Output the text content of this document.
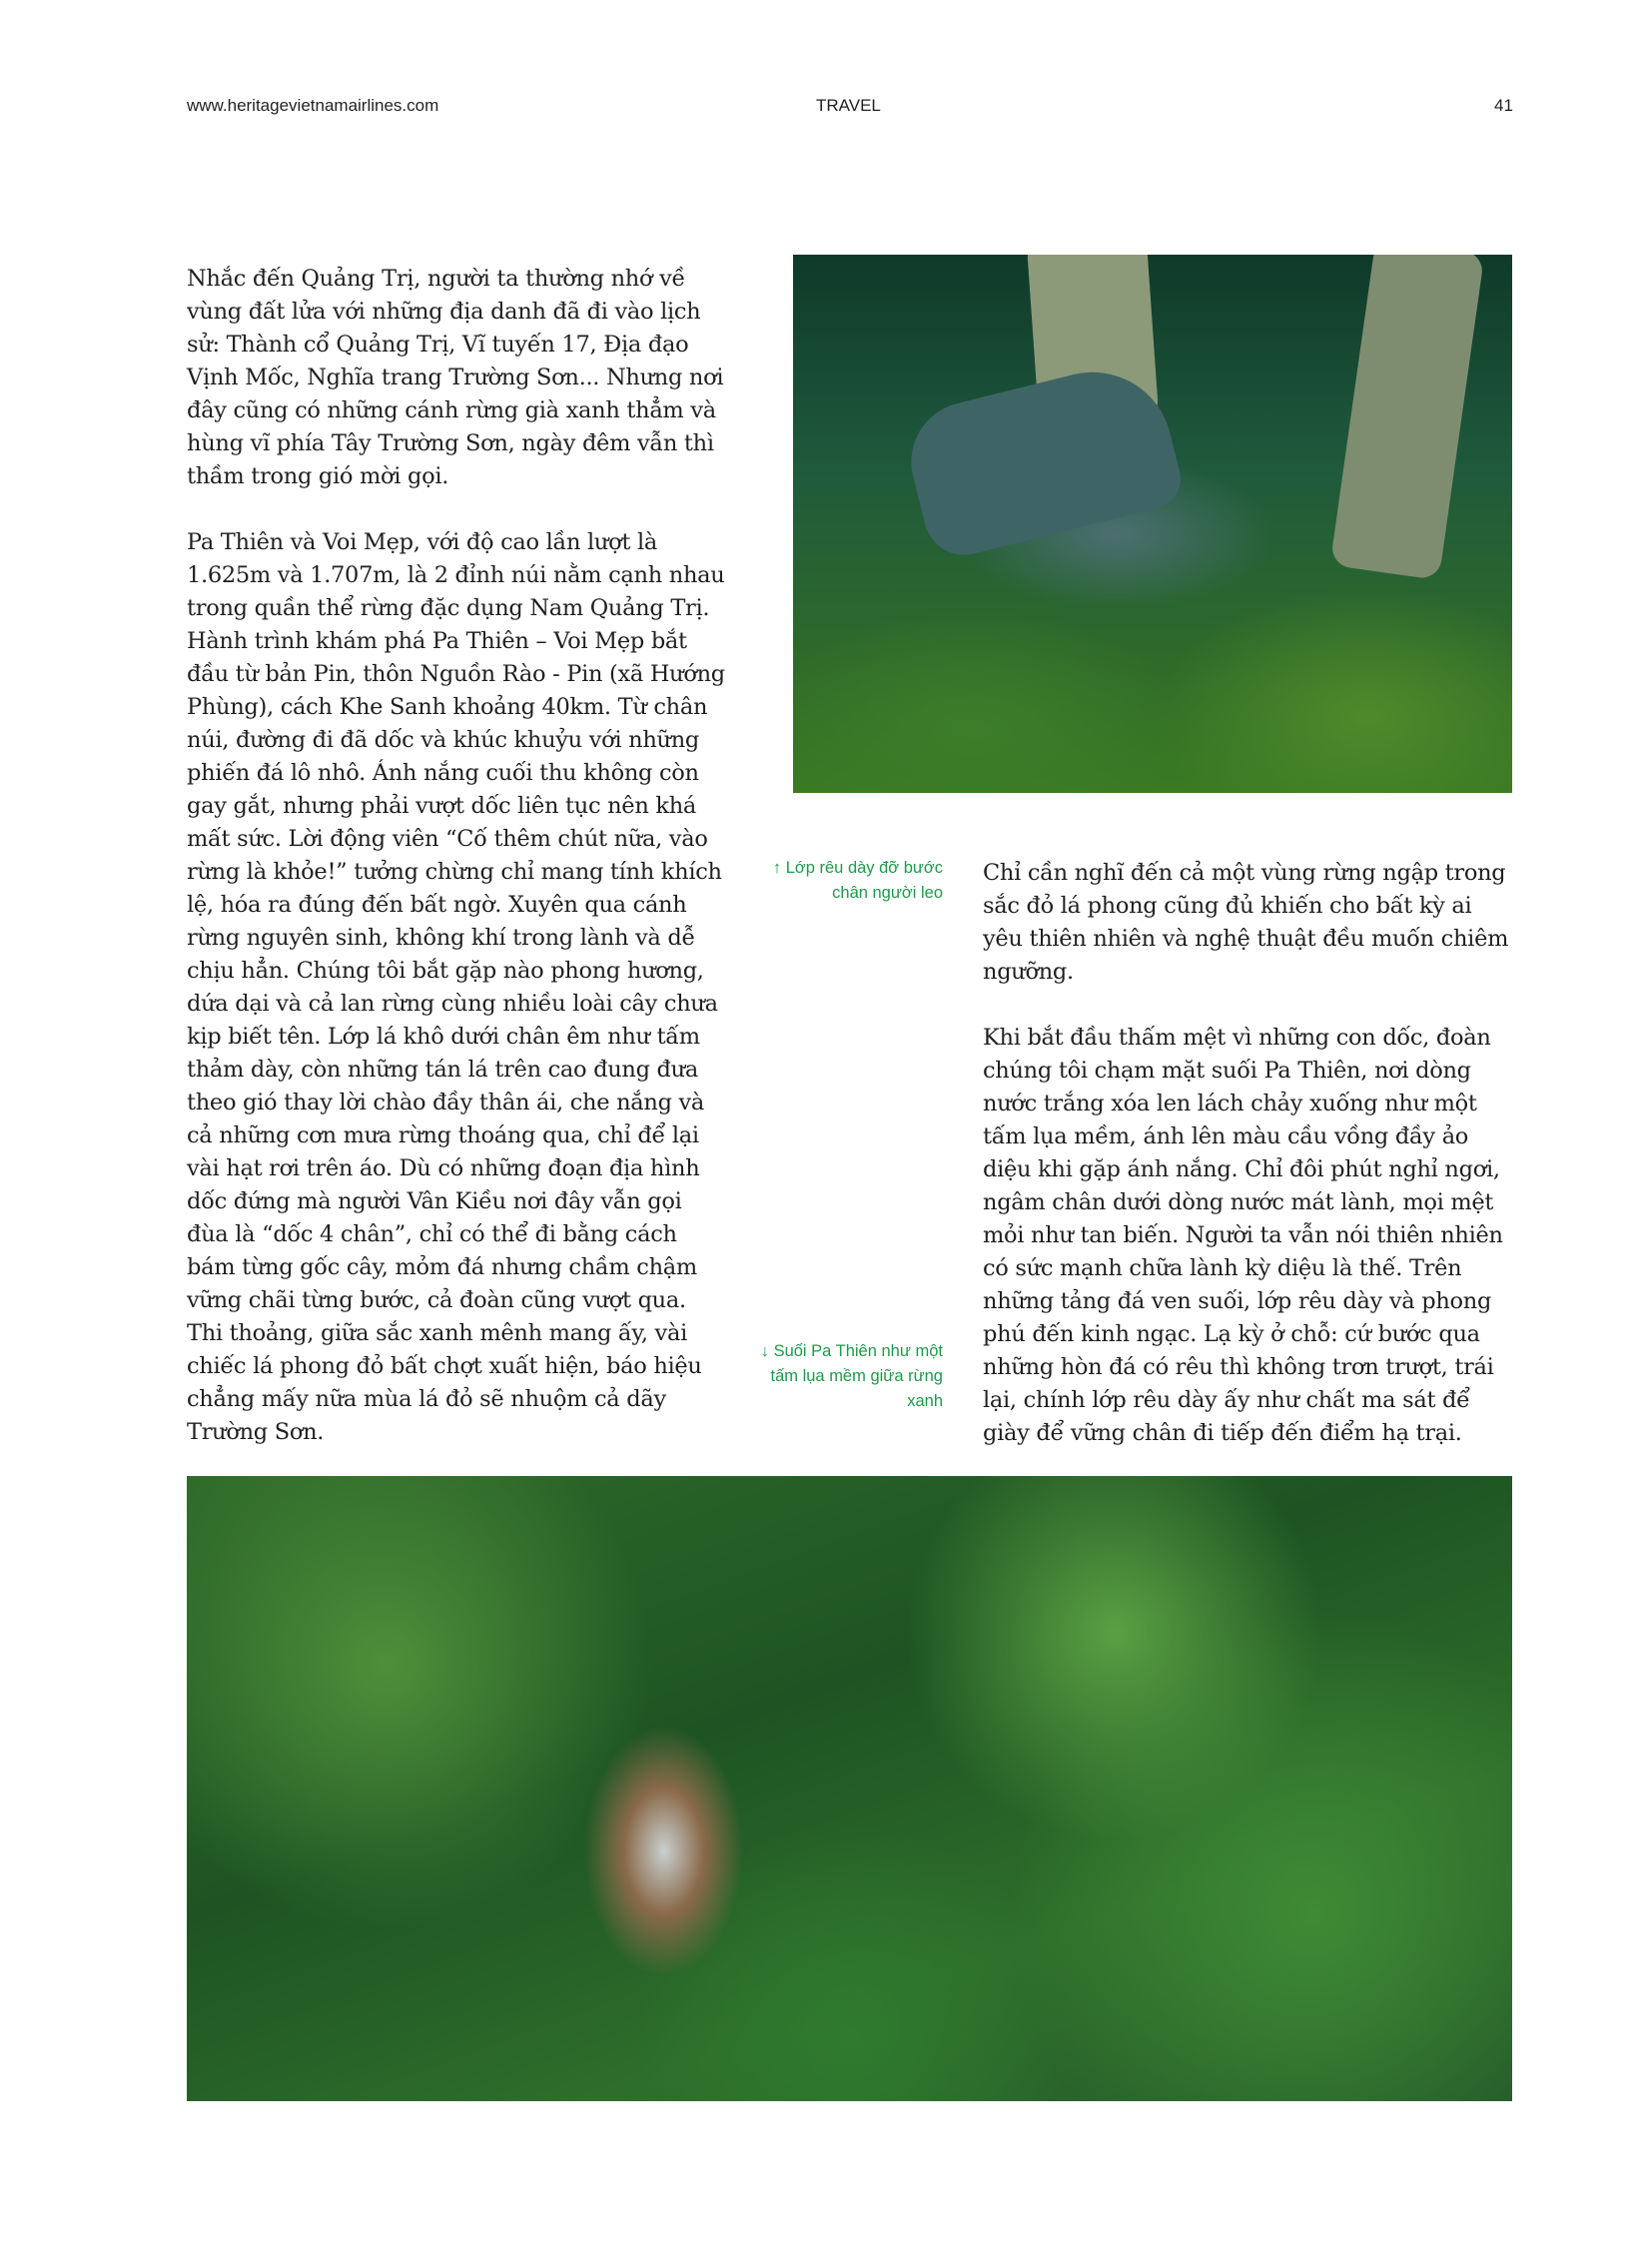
www.heritagevietnamairlines.com	TRAVEL	41

Nhắc đến Quảng Trị, người ta thường nhớ về vùng đất lửa với những địa danh đã đi vào lịch sử: Thành cổ Quảng Trị, Vĩ tuyến 17, Địa đạo Vịnh Mốc, Nghĩa trang Trường Sơn... Nhưng nơi đây cũng có những cánh rừng già xanh thẳm và hùng vĩ phía Tây Trường Sơn, ngày đêm vẫn thì thầm trong gió mời gọi.

Pa Thiên và Voi Mẹp, với độ cao lần lượt là 1.625m và 1.707m, là 2 đỉnh núi nằm cạnh nhau trong quần thể rừng đặc dụng Nam Quảng Trị. Hành trình khám phá Pa Thiên – Voi Mẹp bắt đầu từ bản Pin, thôn Nguồn Rào - Pin (xã Hướng Phùng), cách Khe Sanh khoảng 40km. Từ chân núi, đường đi đã dốc và khúc khuỷu với những phiến đá lô nhô. Ánh nắng cuối thu không còn gay gắt, nhưng phải vượt dốc liên tục nên khá mất sức. Lời động viên “Cố thêm chút nữa, vào rừng là khỏe!” tưởng chừng chỉ mang tính khích lệ, hóa ra đúng đến bất ngờ. Xuyên qua cánh rừng nguyên sinh, không khí trong lành và dễ chịu hẳn. Chúng tôi bắt gặp nào phong hương, dứa dại và cả lan rừng cùng nhiều loài cây chưa kịp biết tên. Lớp lá khô dưới chân êm như tấm thảm dày, còn những tán lá trên cao đung đưa theo gió thay lời chào đầy thân ái, che nắng và cả những cơn mưa rừng thoáng qua, chỉ để lại vài hạt rơi trên áo. Dù có những đoạn địa hình dốc đứng mà người Vân Kiều nơi đây vẫn gọi đùa là “dốc 4 chân”, chỉ có thể đi bằng cách bám từng gốc cây, mỏm đá nhưng chầm chậm vững chãi từng bước, cả đoàn cũng vượt qua. Thi thoảng, giữa sắc xanh mênh mang ấy, vài chiếc lá phong đỏ bất chợt xuất hiện, báo hiệu chẳng mấy nữa mùa lá đỏ sẽ nhuộm cả dãy Trường Sơn.

↑ Lớp rêu dày đỡ bước chân người leo
↓ Suối Pa Thiên như một tấm lụa mềm giữa rừng xanh

Chỉ cần nghĩ đến cả một vùng rừng ngập trong sắc đỏ lá phong cũng đủ khiến cho bất kỳ ai yêu thiên nhiên và nghệ thuật đều muốn chiêm ngưỡng.

Khi bắt đầu thấm mệt vì những con dốc, đoàn chúng tôi chạm mặt suối Pa Thiên, nơi dòng nước trắng xóa len lách chảy xuống như một tấm lụa mềm, ánh lên màu cầu vồng đầy ảo diệu khi gặp ánh nắng. Chỉ đôi phút nghỉ ngơi, ngâm chân dưới dòng nước mát lành, mọi mệt mỏi như tan biến. Người ta vẫn nói thiên nhiên có sức mạnh chữa lành kỳ diệu là thế. Trên những tảng đá ven suối, lớp rêu dày và phong phú đến kinh ngạc. Lạ kỳ ở chỗ: cứ bước qua những hòn đá có rêu thì không trơn trượt, trái lại, chính lớp rêu dày ấy như chất ma sát để giày để vững chân đi tiếp đến điểm hạ trại.
